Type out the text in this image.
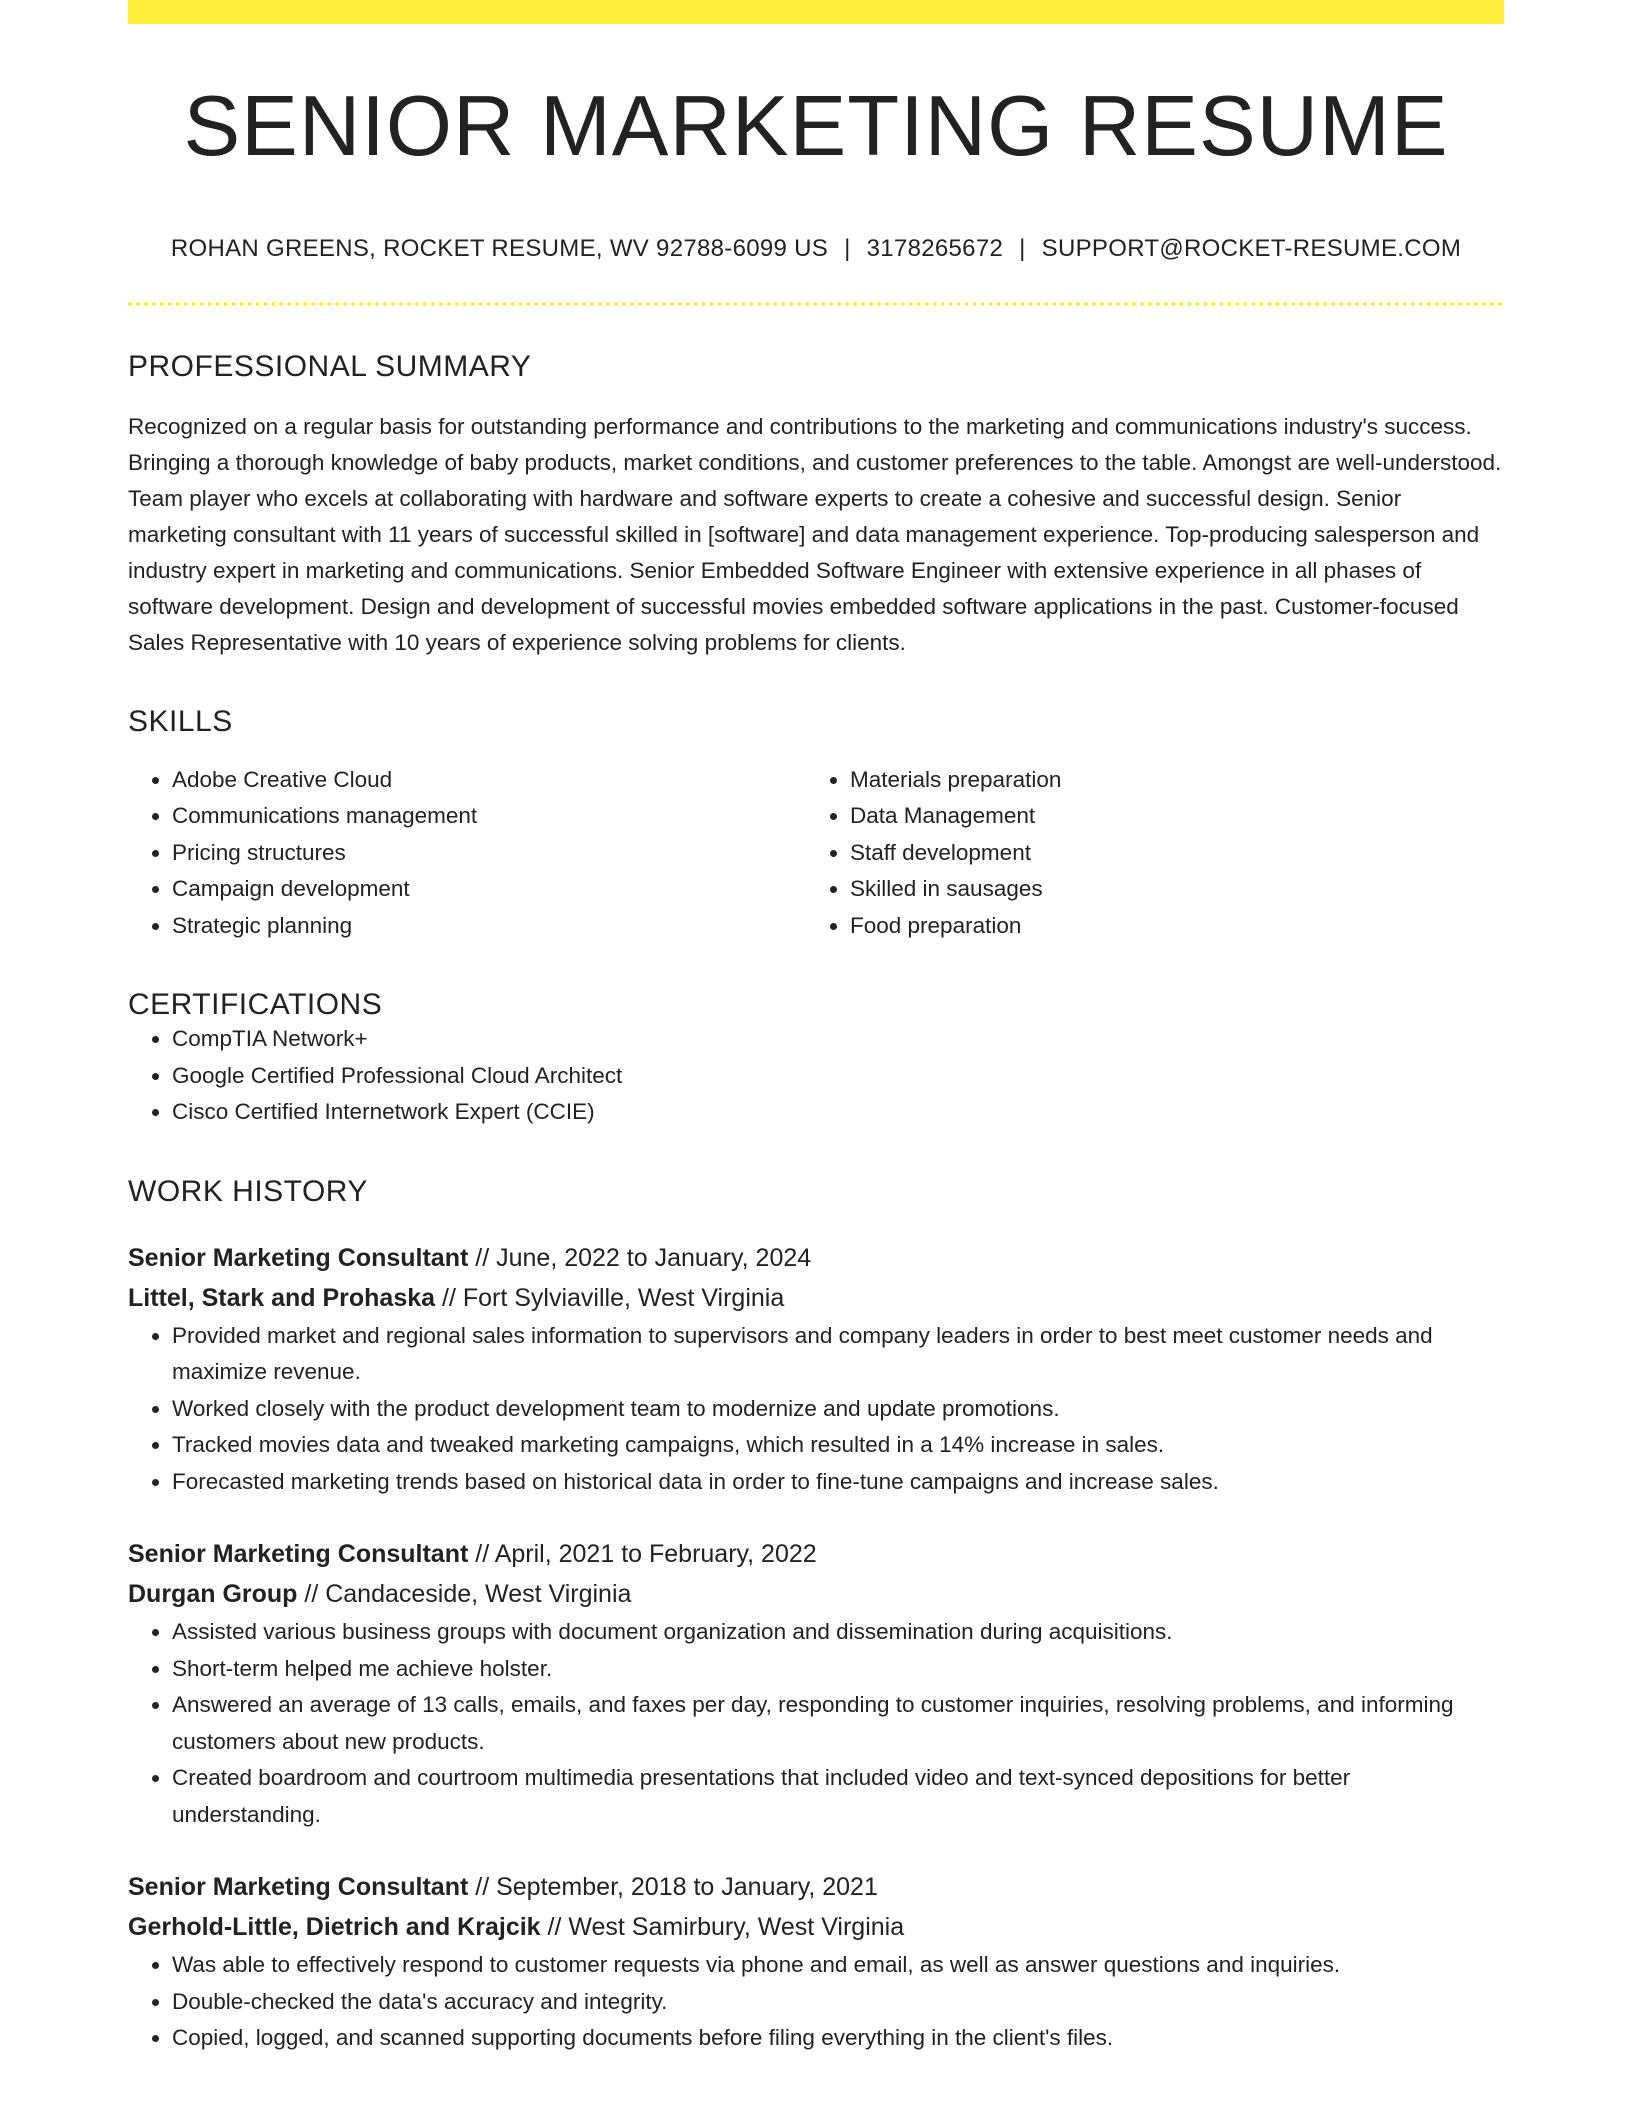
SENIOR MARKETING RESUME
ROHAN GREENS, ROCKET RESUME, WV 92788-6099 US | 3178265672 | SUPPORT@ROCKET-RESUME.COM
PROFESSIONAL SUMMARY

Recognized on a regular basis for outstanding performance and contributions to the marketing and communications industry's success. Bringing a thorough knowledge of baby products, market conditions, and customer preferences to the table. Amongst are well-understood. Team player who excels at collaborating with hardware and software experts to create a cohesive and successful design. Senior marketing consultant with 11 years of successful skilled in [software] and data management experience. Top-producing salesperson and industry expert in marketing and communications. Senior Embedded Software Engineer with extensive experience in all phases of software development. Design and development of successful movies embedded software applications in the past. Customer-focused Sales Representative with 10 years of experience solving problems for clients.

SKILLS
• Adobe Creative Cloud
• Communications management
• Pricing structures
• Campaign development
• Strategic planning
• Materials preparation
• Data Management
• Staff development
• Skilled in sausages
• Food preparation
CERTIFICATIONS
• CompTIA Network+
• Google Certified Professional Cloud Architect
• Cisco Certified Internetwork Expert (CCIE)
WORK HISTORY
Senior Marketing Consultant // June, 2022 to January, 2024
Littel, Stark and Prohaska // Fort Sylviaville, West Virginia
• Provided market and regional sales information to supervisors and company leaders in order to best meet customer needs and maximize revenue.
• Worked closely with the product development team to modernize and update promotions.
• Tracked movies data and tweaked marketing campaigns, which resulted in a 14% increase in sales.
• Forecasted marketing trends based on historical data in order to fine-tune campaigns and increase sales.
Senior Marketing Consultant // April, 2021 to February, 2022
Durgan Group // Candaceside, West Virginia
• Assisted various business groups with document organization and dissemination during acquisitions.
• Short-term helped me achieve holster.
• Answered an average of 13 calls, emails, and faxes per day, responding to customer inquiries, resolving problems, and informing customers about new products.
• Created boardroom and courtroom multimedia presentations that included video and text-synced depositions for better understanding.
Senior Marketing Consultant // September, 2018 to January, 2021
Gerhold-Little, Dietrich and Krajcik // West Samirbury, West Virginia
• Was able to effectively respond to customer requests via phone and email, as well as answer questions and inquiries.
• Double-checked the data's accuracy and integrity.
• Copied, logged, and scanned supporting documents before filing everything in the client's files.
